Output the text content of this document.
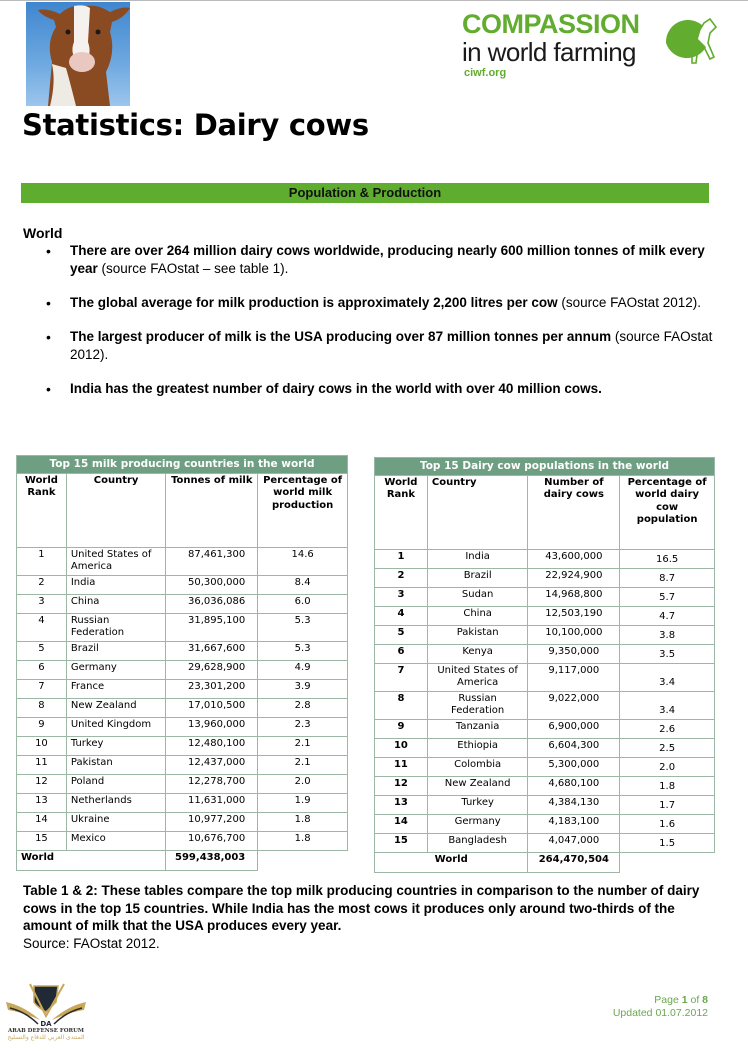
COMPASSION
in world farming
ciwf.org
Statistics: Dairy cows
Population & Production
World
• There are over 264 million dairy cows worldwide, producing nearly 600 million tonnes of milk every year (source FAOstat – see table 1).
• The global average for milk production is approximately 2,200 litres per cow (source FAOstat 2012).
• The largest producer of milk is the USA producing over 87 million tonnes per annum (source FAOstat 2012).
• India has the greatest number of dairy cows in the world with over 40 million cows.
Top 15 milk producing countries in the world			
World Rank	Country	Tonnes of milk	Percentage of world milk production
1	United States of America	87,461,300	14.6
2	India	50,300,000	8.4
3	China	36,036,086	6.0
4	Russian Federation	31,895,100	5.3
5	Brazil	31,667,600	5.3
6	Germany	29,628,900	4.9
7	France	23,301,200	3.9
8	New Zealand	17,010,500	2.8
9	United Kingdom	13,960,000	2.3
10	Turkey	12,480,100	2.1
11	Pakistan	12,437,000	2.1
12	Poland	12,278,700	2.0
13	Netherlands	11,631,000	1.9
14	Ukraine	10,977,200	1.8
15	Mexico	10,676,700	1.8
World		599,438,003	
Top 15 Dairy cow populations in the world			
World Rank	Country	Number of dairy cows	Percentage of world dairy cow population
1	India	43,600,000	16.5
2	Brazil	22,924,900	8.7
3	Sudan	14,968,800	5.7
4	China	12,503,190	4.7
5	Pakistan	10,100,000	3.8
6	Kenya	9,350,000	3.5
7	United States of America	9,117,000	3.4
8	Russian Federation	9,022,000	3.4
9	Tanzania	6,900,000	2.6
10	Ethiopia	6,604,300	2.5
11	Colombia	5,300,000	2.0
12	New Zealand	4,680,100	1.8
13	Turkey	4,384,130	1.7
14	Germany	4,183,100	1.6
15	Bangladesh	4,047,000	1.5
World		264,470,504	
Table 1 & 2: These tables compare the top milk producing countries in comparison to the number of dairy cows in the top 15 countries. While India has the most cows it produces only around two-thirds of the amount of milk that the USA produces every year.
Source: FAOstat 2012.
DA
ARAB DEFENSE FORUM
المنتدى العربي للدفاع والتسليح
Page 1 of 8
Updated 01.07.2012
